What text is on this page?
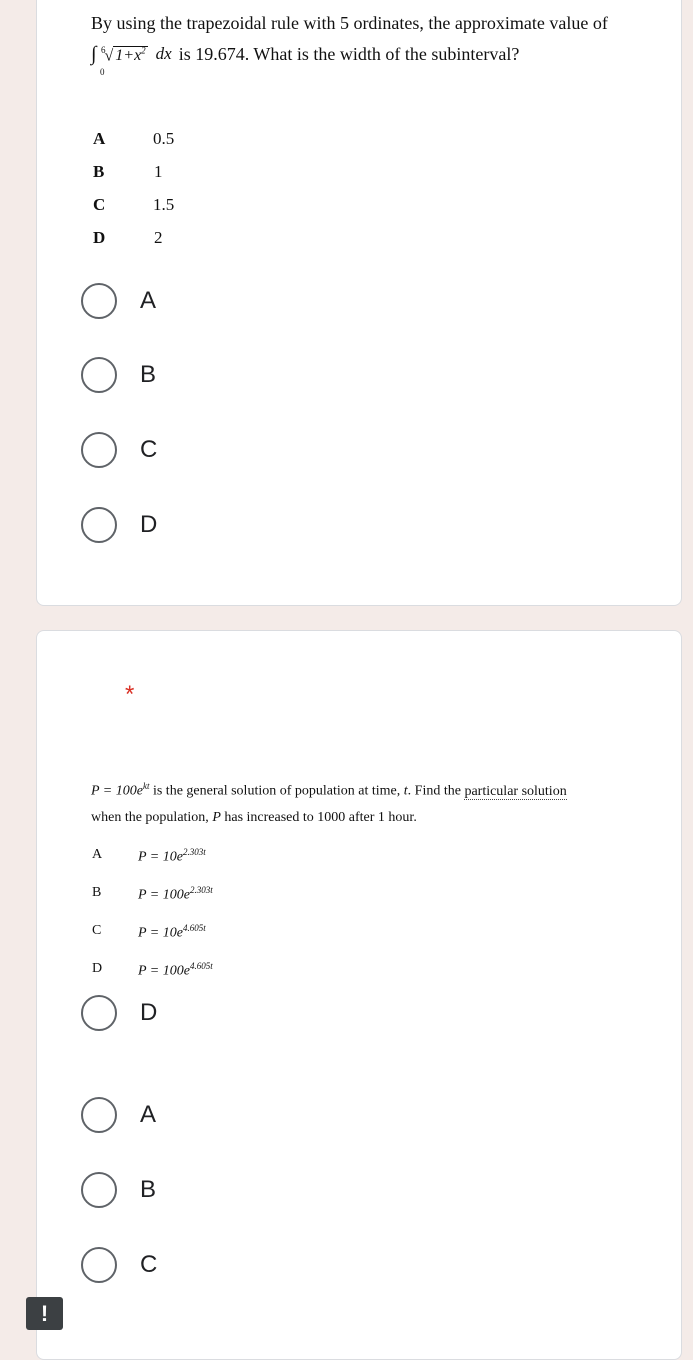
By using the trapezoidal rule with 5 ordinates, the approximate value of
∫
0
6
√ $1+x^2$ dx is 19.674. What is the width of the subinterval?
A	0.5
B	1
C	1.5
D	2
A
B
C
D
*
$P = 100e^{kt}$ is the general solution of population at time, t. Find the particular solution
when the population, P has increased to 1000 after 1 hour.
A	$P = 10e^{2.303t}$
B	$P = 100e^{2.303t}$
C	$P = 10e^{4.605t}$
D	$P = 100e^{4.605t}$
D
A
B
C
!
